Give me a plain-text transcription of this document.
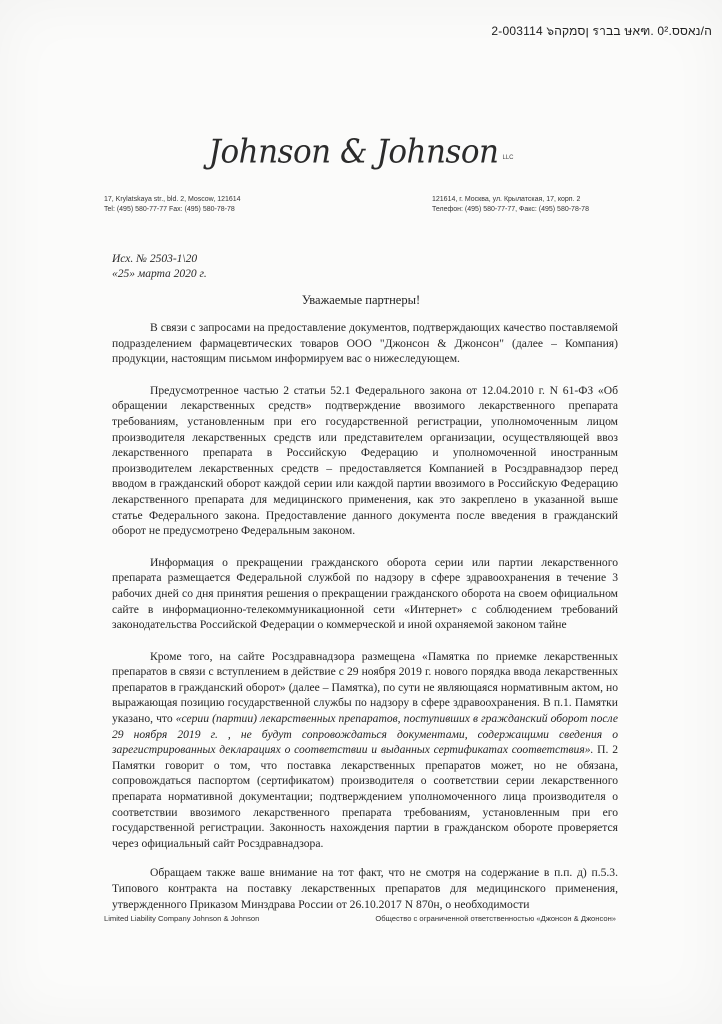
2-003114 ๖ןסמקה ราבב ษאฑ. ה/נאסס.0²
Johnson & Johnson LLC
17, Krylatskaya str., bld. 2, Moscow, 121614
Tel: (495) 580-77-77 Fax: (495) 580-78-78
121614, г. Москва, ул. Крылатская, 17, корп. 2
Телефон: (495) 580-77-77, Факс: (495) 580-78-78
Исх. № 2503-1\20
«25» марта 2020 г.
Уважаемые партнеры!

В связи с запросами на предоставление документов, подтверждающих качество поставляемой подразделением фармацевтических товаров ООО "Джонсон & Джонсон" (далее – Компания) продукции, настоящим письмом информируем вас о нижеследующем.

Предусмотренное частью 2 статьи 52.1 Федерального закона от 12.04.2010 г. N 61-ФЗ «Об обращении лекарственных средств» подтверждение ввозимого лекарственного препарата требованиям, установленным при его государственной регистрации, уполномоченным лицом производителя лекарственных средств или представителем организации, осуществляющей ввоз лекарственного препарата в Российскую Федерацию и уполномоченной иностранным производителем лекарственных средств – предоставляется Компанией в Росздравнадзор перед вводом в гражданский оборот каждой серии или каждой партии ввозимого в Российскую Федерацию лекарственного препарата для медицинского применения, как это закреплено в указанной выше статье Федерального закона. Предоставление данного документа после введения в гражданский оборот не предусмотрено Федеральным законом.

Информация о прекращении гражданского оборота серии или партии лекарственного препарата размещается Федеральной службой по надзору в сфере здравоохранения в течение 3 рабочих дней со дня принятия решения о прекращении гражданского оборота на своем официальном сайте в информационно-телекоммуникационной сети «Интернет» с соблюдением требований законодательства Российской Федерации о коммерческой и иной охраняемой законом тайне

Кроме того, на сайте Росздравнадзора размещена «Памятка по приемке лекарственных препаратов в связи с вступлением в действие с 29 ноября 2019 г. нового порядка ввода лекарственных препаратов в гражданский оборот» (далее – Памятка), по сути не являющаяся нормативным актом, но выражающая позицию государственной службы по надзору в сфере здравоохранения. В п.1. Памятки указано, что «серии (партии) лекарственных препаратов, поступивших в гражданский оборот после 29 ноября 2019 г. , не будут сопровождаться документами, содержащими сведения о зарегистрированных декларациях о соответствии и выданных сертификатах соответствия». П. 2 Памятки говорит о том, что поставка лекарственных препаратов может, но не обязана, сопровождаться паспортом (сертификатом) производителя о соответствии серии лекарственного препарата нормативной документации; подтверждением уполномоченного лица производителя о соответствии ввозимого лекарственного препарата требованиям, установленным при его государственной регистрации. Законность нахождения партии в гражданском обороте проверяется через официальный сайт Росздравнадзора.

Обращаем также ваше внимание на тот факт, что не смотря на содержание в п.п. д) п.5.3. Типового контракта на поставку лекарственных препаратов для медицинского применения, утвержденного Приказом Минздрава России от 26.10.2017 N 870н, о необходимости

Limited Liability Company Johnson & Johnson	Общество с ограниченной ответственностью «Джонсон & Джонсон»
